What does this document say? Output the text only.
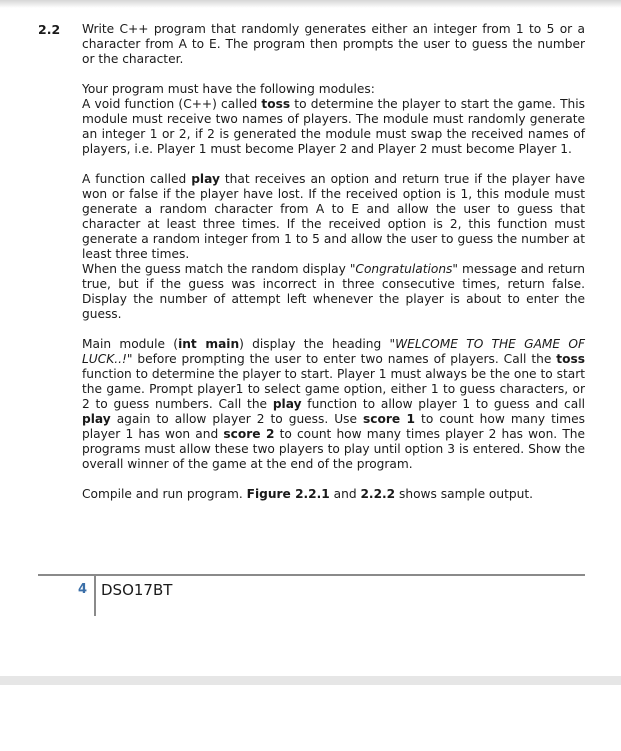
2.2 Write C++ program that randomly generates either an integer from 1 to 5 or a character from A to E. The program then prompts the user to guess the number or the character.

Your program must have the following modules:

A void function (C++) called toss to determine the player to start the game. This module must receive two names of players. The module must randomly generate an integer 1 or 2, if 2 is generated the module must swap the received names of players, i.e. Player 1 must become Player 2 and Player 2 must become Player 1.

A function called play that receives an option and return true if the player have won or false if the player have lost. If the received option is 1, this module must generate a random character from A to E and allow the user to guess that character at least three times. If the received option is 2, this function must generate a random integer from 1 to 5 and allow the user to guess the number at least three times.

When the guess match the random display "Congratulations" message and return true, but if the guess was incorrect in three consecutive times, return false. Display the number of attempt left whenever the player is about to enter the guess.

Main module (int main) display the heading "WELCOME TO THE GAME OF LUCK..!" before prompting the user to enter two names of players. Call the toss function to determine the player to start. Player 1 must always be the one to start the game. Prompt player1 to select game option, either 1 to guess characters, or 2 to guess numbers. Call the play function to allow player 1 to guess and call play again to allow player 2 to guess. Use score 1 to count how many times player 1 has won and score 2 to count how many times player 2 has won. The programs must allow these two players to play until option 3 is entered. Show the overall winner of the game at the end of the program.

Compile and run program. Figure 2.2.1 and 2.2.2 shows sample output.

4 DSO17BT
